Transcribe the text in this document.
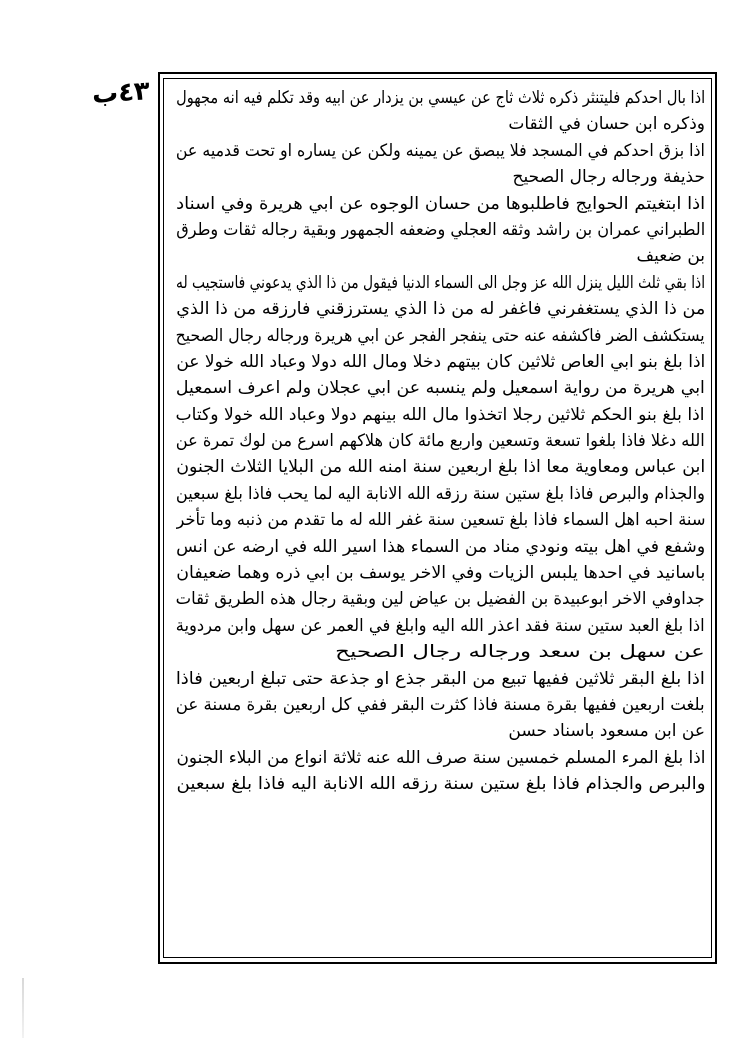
٤٣ب اذا بال احدكم فليتنثر ذكره ثلاث ثاج عن عيسي بن يزدار عن ابيه وقد تكلم فيه انه مجهول
وذكره ابن حسان في الثقات
اذا بزق احدكم في المسجد فلا يبصق عن يمينه ولكن عن يساره او تحت قدميه عن
حذيفة ورجاله رجال الصحيح
اذا ابتغيتم الحوايج فاطلبوها من حسان الوجوه عن ابي هريرة وفي اسناد
الطبراني عمران بن راشد وثقه العجلي وضعفه الجمهور وبقية رجاله ثقات وطرق
بن ضعيف
اذا بقي ثلث الليل ينزل الله عز وجل الى السماء الدنيا فيقول من ذا الذي يدعوني فاستجيب له
من ذا الذي يستغفرني فاغفر له من ذا الذي يسترزقني فارزقه من ذا الذي
يستكشف الضر فاكشفه عنه حتى ينفجر الفجر عن ابي هريرة ورجاله رجال الصحيح
اذا بلغ بنو ابي العاص ثلاثين كان بيتهم دخلا ومال الله دولا وعباد الله خولا عن
ابي هريرة من رواية اسمعيل ولم ينسبه عن ابي عجلان ولم اعرف اسمعيل
اذا بلغ بنو الحكم ثلاثين رجلا اتخذوا مال الله بينهم دولا وعباد الله خولا وكتاب
الله دغلا فاذا بلغوا تسعة وتسعين واربع مائة كان هلاكهم اسرع من لوك تمرة عن
ابن عباس ومعاوية معا اذا بلغ اربعين سنة امنه الله من البلايا الثلاث الجنون
والجذام والبرص فاذا بلغ ستين سنة رزقه الله الانابة اليه لما يحب فاذا بلغ سبعين
سنة احبه اهل السماء فاذا بلغ تسعين سنة غفر الله له ما تقدم من ذنبه وما تأخر
وشفع في اهل بيته ونودي مناد من السماء هذا اسير الله في ارضه عن انس
باسانيد في احدها يلبس الزيات وفي الاخر يوسف بن ابي ذره وهما ضعيفان
جداوفي الاخر ابوعبيدة بن الفضيل بن عياض لين وبقية رجال هذه الطريق ثقات
اذا بلغ العبد ستين سنة فقد اعذر الله اليه وابلغ في العمر عن سهل وابن مردوية
عن سهل بن سعد ورجاله رجال الصحيح
اذا بلغ البقر ثلاثين ففيها تبيع من البقر جذع او جذعة حتى تبلغ اربعين فاذا
بلغت اربعين ففيها بقرة مسنة فاذا كثرت البقر ففي كل اربعين بقرة مسنة عن
عن ابن مسعود باسناد حسن
اذا بلغ المرء المسلم خمسين سنة صرف الله عنه ثلاثة انواع من البلاء الجنون
والبرص والجذام فاذا بلغ ستين سنة رزقه الله الانابة اليه فاذا بلغ سبعين
